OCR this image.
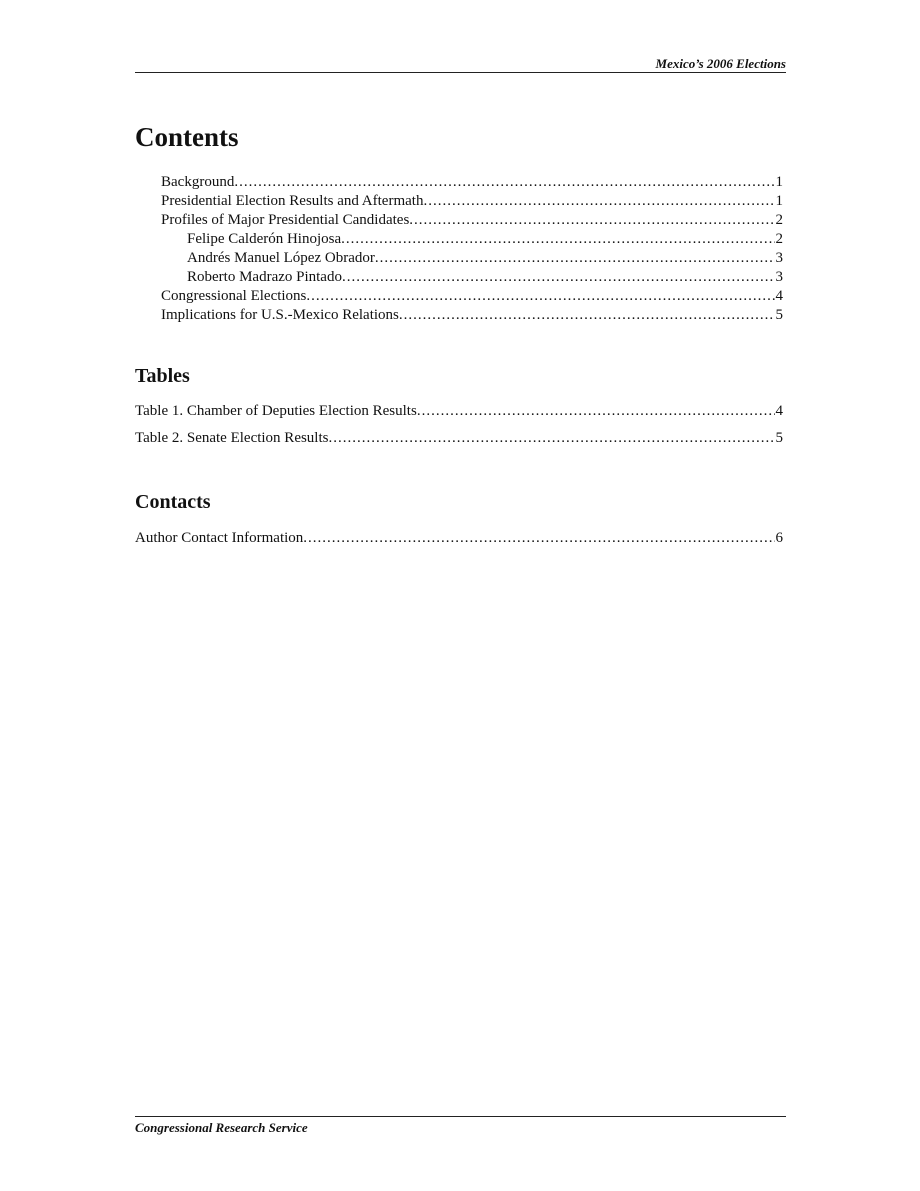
Mexico’s 2006 Elections
Contents
Background .....	1
Presidential Election Results and Aftermath .....	1
Profiles of Major Presidential Candidates .....	2
Felipe Calderón Hinojosa .....	2
Andrés Manuel López Obrador .....	3
Roberto Madrazo Pintado .....	3
Congressional Elections .....	4
Implications for U.S.-Mexico Relations .....	5
Tables
Table 1. Chamber of Deputies Election Results .....	4
Table 2. Senate Election Results .....	5
Contacts
Author Contact Information .....	6
Congressional Research Service
